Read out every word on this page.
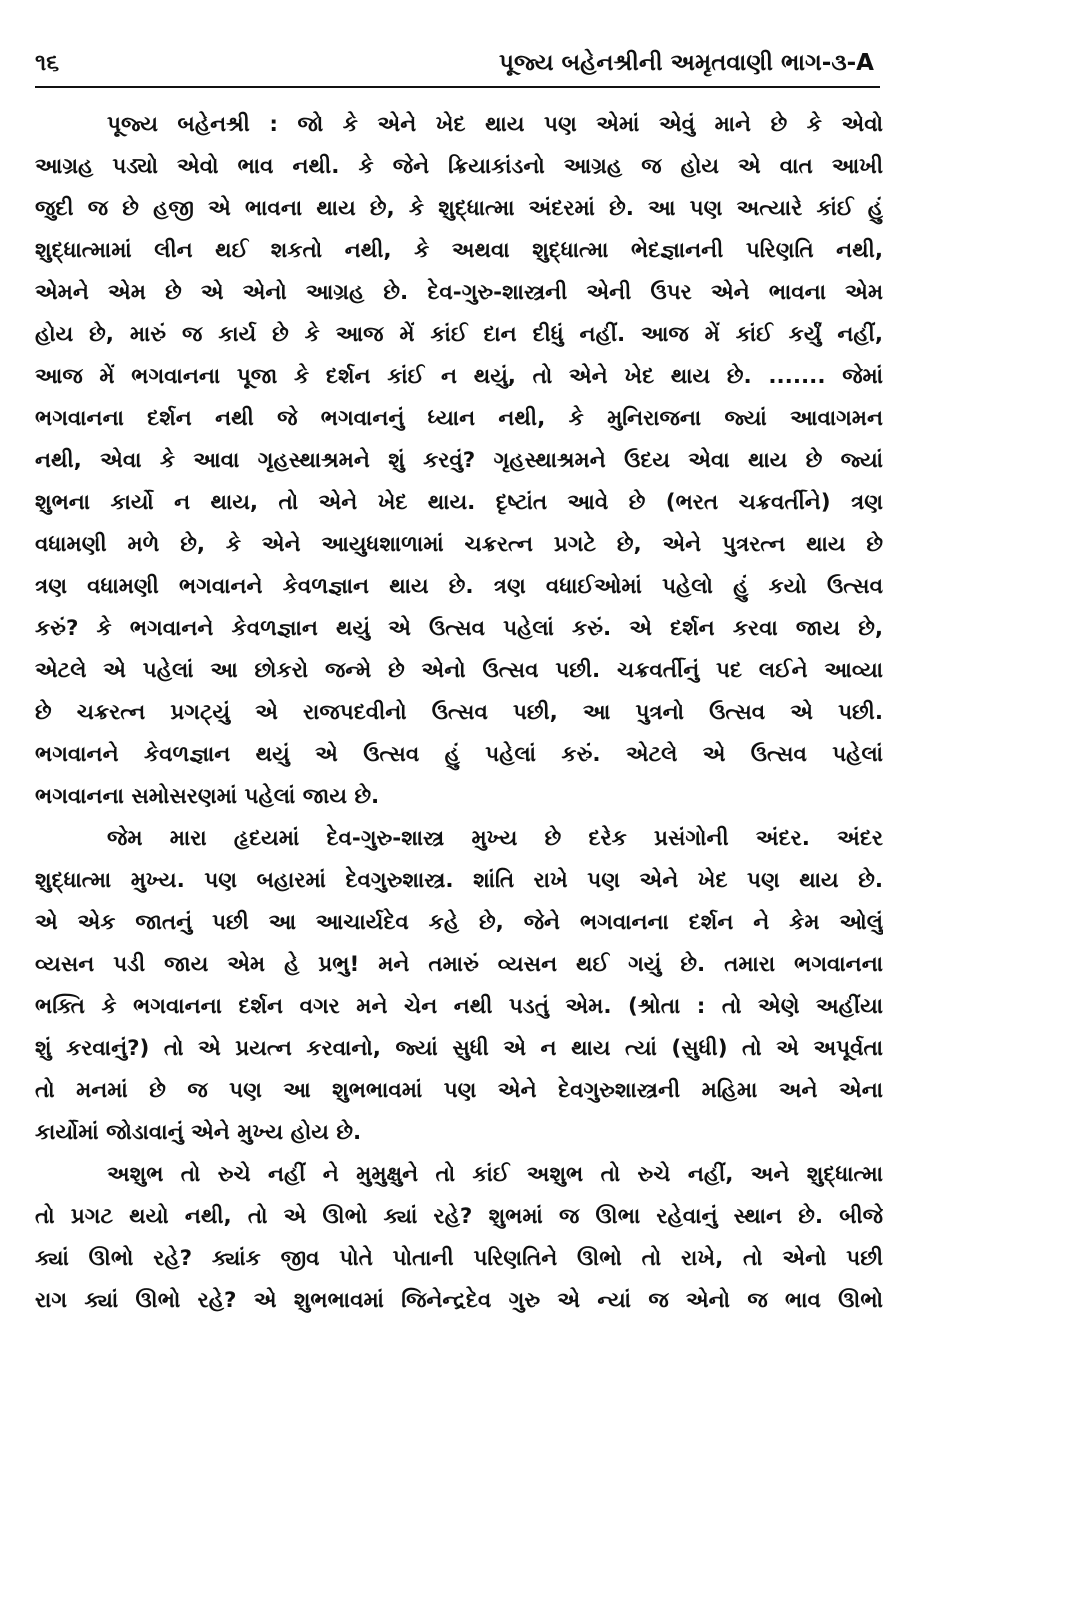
૧૬	પૂજ્ય બહેનશ્રીની અમૃતવાણી ભાગ-૩-A
પૂજ્ય બહેનશ્રી : જો કે એને ખેદ થાય પણ એમાં એવું માને છે કે એવો
આગ્રહ પડ્યો એવો ભાવ નથી. કે જેને ક્રિયાકાંડનો આગ્રહ જ હોય એ વાત આખી
જુદી જ છે હજી એ ભાવના થાય છે, કે શુદ્ધાત્મા અંદરમાં છે. આ પણ અત્યારે કાંઈ હું
શુદ્ધાત્મામાં લીન થઈ શકતો નથી, કે અથવા શુદ્ધાત્મા ભેદજ્ઞાનની પરિણતિ નથી,
એમને એમ છે એ એનો આગ્રહ છે. દેવ-ગુરુ-શાસ્ત્રની એની ઉપર એને ભાવના એમ
હોય છે, મારું જ કાર્ય છે કે આજ મેં કાંઈ દાન દીધું નહીં. આજ મેં કાંઈ કર્યું નહીં,
આજ મેં ભગવાનના પૂજા કે દર્શન કાંઈ ન થયું, તો એને ખેદ થાય છે. ....... જેમાં
ભગવાનના દર્શન નથી જે ભગવાનનું ધ્યાન નથી, કે મુનિરાજના જ્યાં આવાગમન
નથી, એવા કે આવા ગૃહસ્થાશ્રમને શું કરવું? ગૃહસ્થાશ્રમને ઉદય એવા થાય છે જ્યાં
શુભના કાર્યો ન થાય, તો એને ખેદ થાય. દૃષ્ટાંત આવે છે (ભરત ચક્રવર્તીને) ત્રણ
વધામણી મળે છે, કે એને આયુધશાળામાં ચક્રરત્ન પ્રગટે છે, એને પુત્રરત્ન થાય છે
ત્રણ વધામણી ભગવાનને કેવળજ્ઞાન થાય છે. ત્રણ વધાઈઓમાં પહેલો હું કયો ઉત્સવ
કરું? કે ભગવાનને કેવળજ્ઞાન થયું એ ઉત્સવ પહેલાં કરું. એ દર્શન કરવા જાય છે,
એટલે એ પહેલાં આ છોકરો જન્મે છે એનો ઉત્સવ પછી. ચક્રવર્તીનું પદ લઈને આવ્યા
છે ચક્રરત્ન પ્રગટ્યું એ રાજપદવીનો ઉત્સવ પછી, આ પુત્રનો ઉત્સવ એ પછી.
ભગવાનને કેવળજ્ઞાન થયું એ ઉત્સવ હું પહેલાં કરું. એટલે એ ઉત્સવ પહેલાં
ભગવાનના સમોસરણમાં પહેલાં જાય છે.
જેમ મારા હૃદયમાં દેવ-ગુરુ-શાસ્ત્ર મુખ્ય છે દરેક પ્રસંગોની અંદર. અંદર
શુદ્ધાત્મા મુખ્ય. પણ બહારમાં દેવગુરુશાસ્ત્ર. શાંતિ રાખે પણ એને ખેદ પણ થાય છે.
એ એક જાતનું પછી આ આચાર્યદેવ કહે છે, જેને ભગવાનના દર્શન ને કેમ ઓલું
વ્યસન પડી જાય એમ હે પ્રભુ! મને તમારું વ્યસન થઈ ગયું છે. તમારા ભગવાનના
ભક્તિ કે ભગવાનના દર્શન વગર મને ચેન નથી પડતું એમ. (શ્રોતા : તો એણે અહીંયા
શું કરવાનું?) તો એ પ્રયત્ન કરવાનો, જ્યાં સુધી એ ન થાય ત્યાં (સુધી) તો એ અપૂર્વતા
તો મનમાં છે જ પણ આ શુભભાવમાં પણ એને દેવગુરુશાસ્ત્રની મહિમા અને એના
કાર્યોમાં જોડાવાનું એને મુખ્ય હોય છે.
અશુભ તો રુચે નહીં ને મુમુક્ષુને તો કાંઈ અશુભ તો રુચે નહીં, અને શુદ્ધાત્મા
તો પ્રગટ થયો નથી, તો એ ઊભો ક્યાં રહે? શુભમાં જ ઊભા રહેવાનું સ્થાન છે. બીજે
ક્યાં ઊભો રહે? ક્યાંક જીવ પોતે પોતાની પરિણતિને ઊભો તો રાખે, તો એનો પછી
રાગ ક્યાં ઊભો રહે? એ શુભભાવમાં જિનેન્દ્રદેવ ગુરુ એ ન્યાં જ એનો જ ભાવ ઊભો
